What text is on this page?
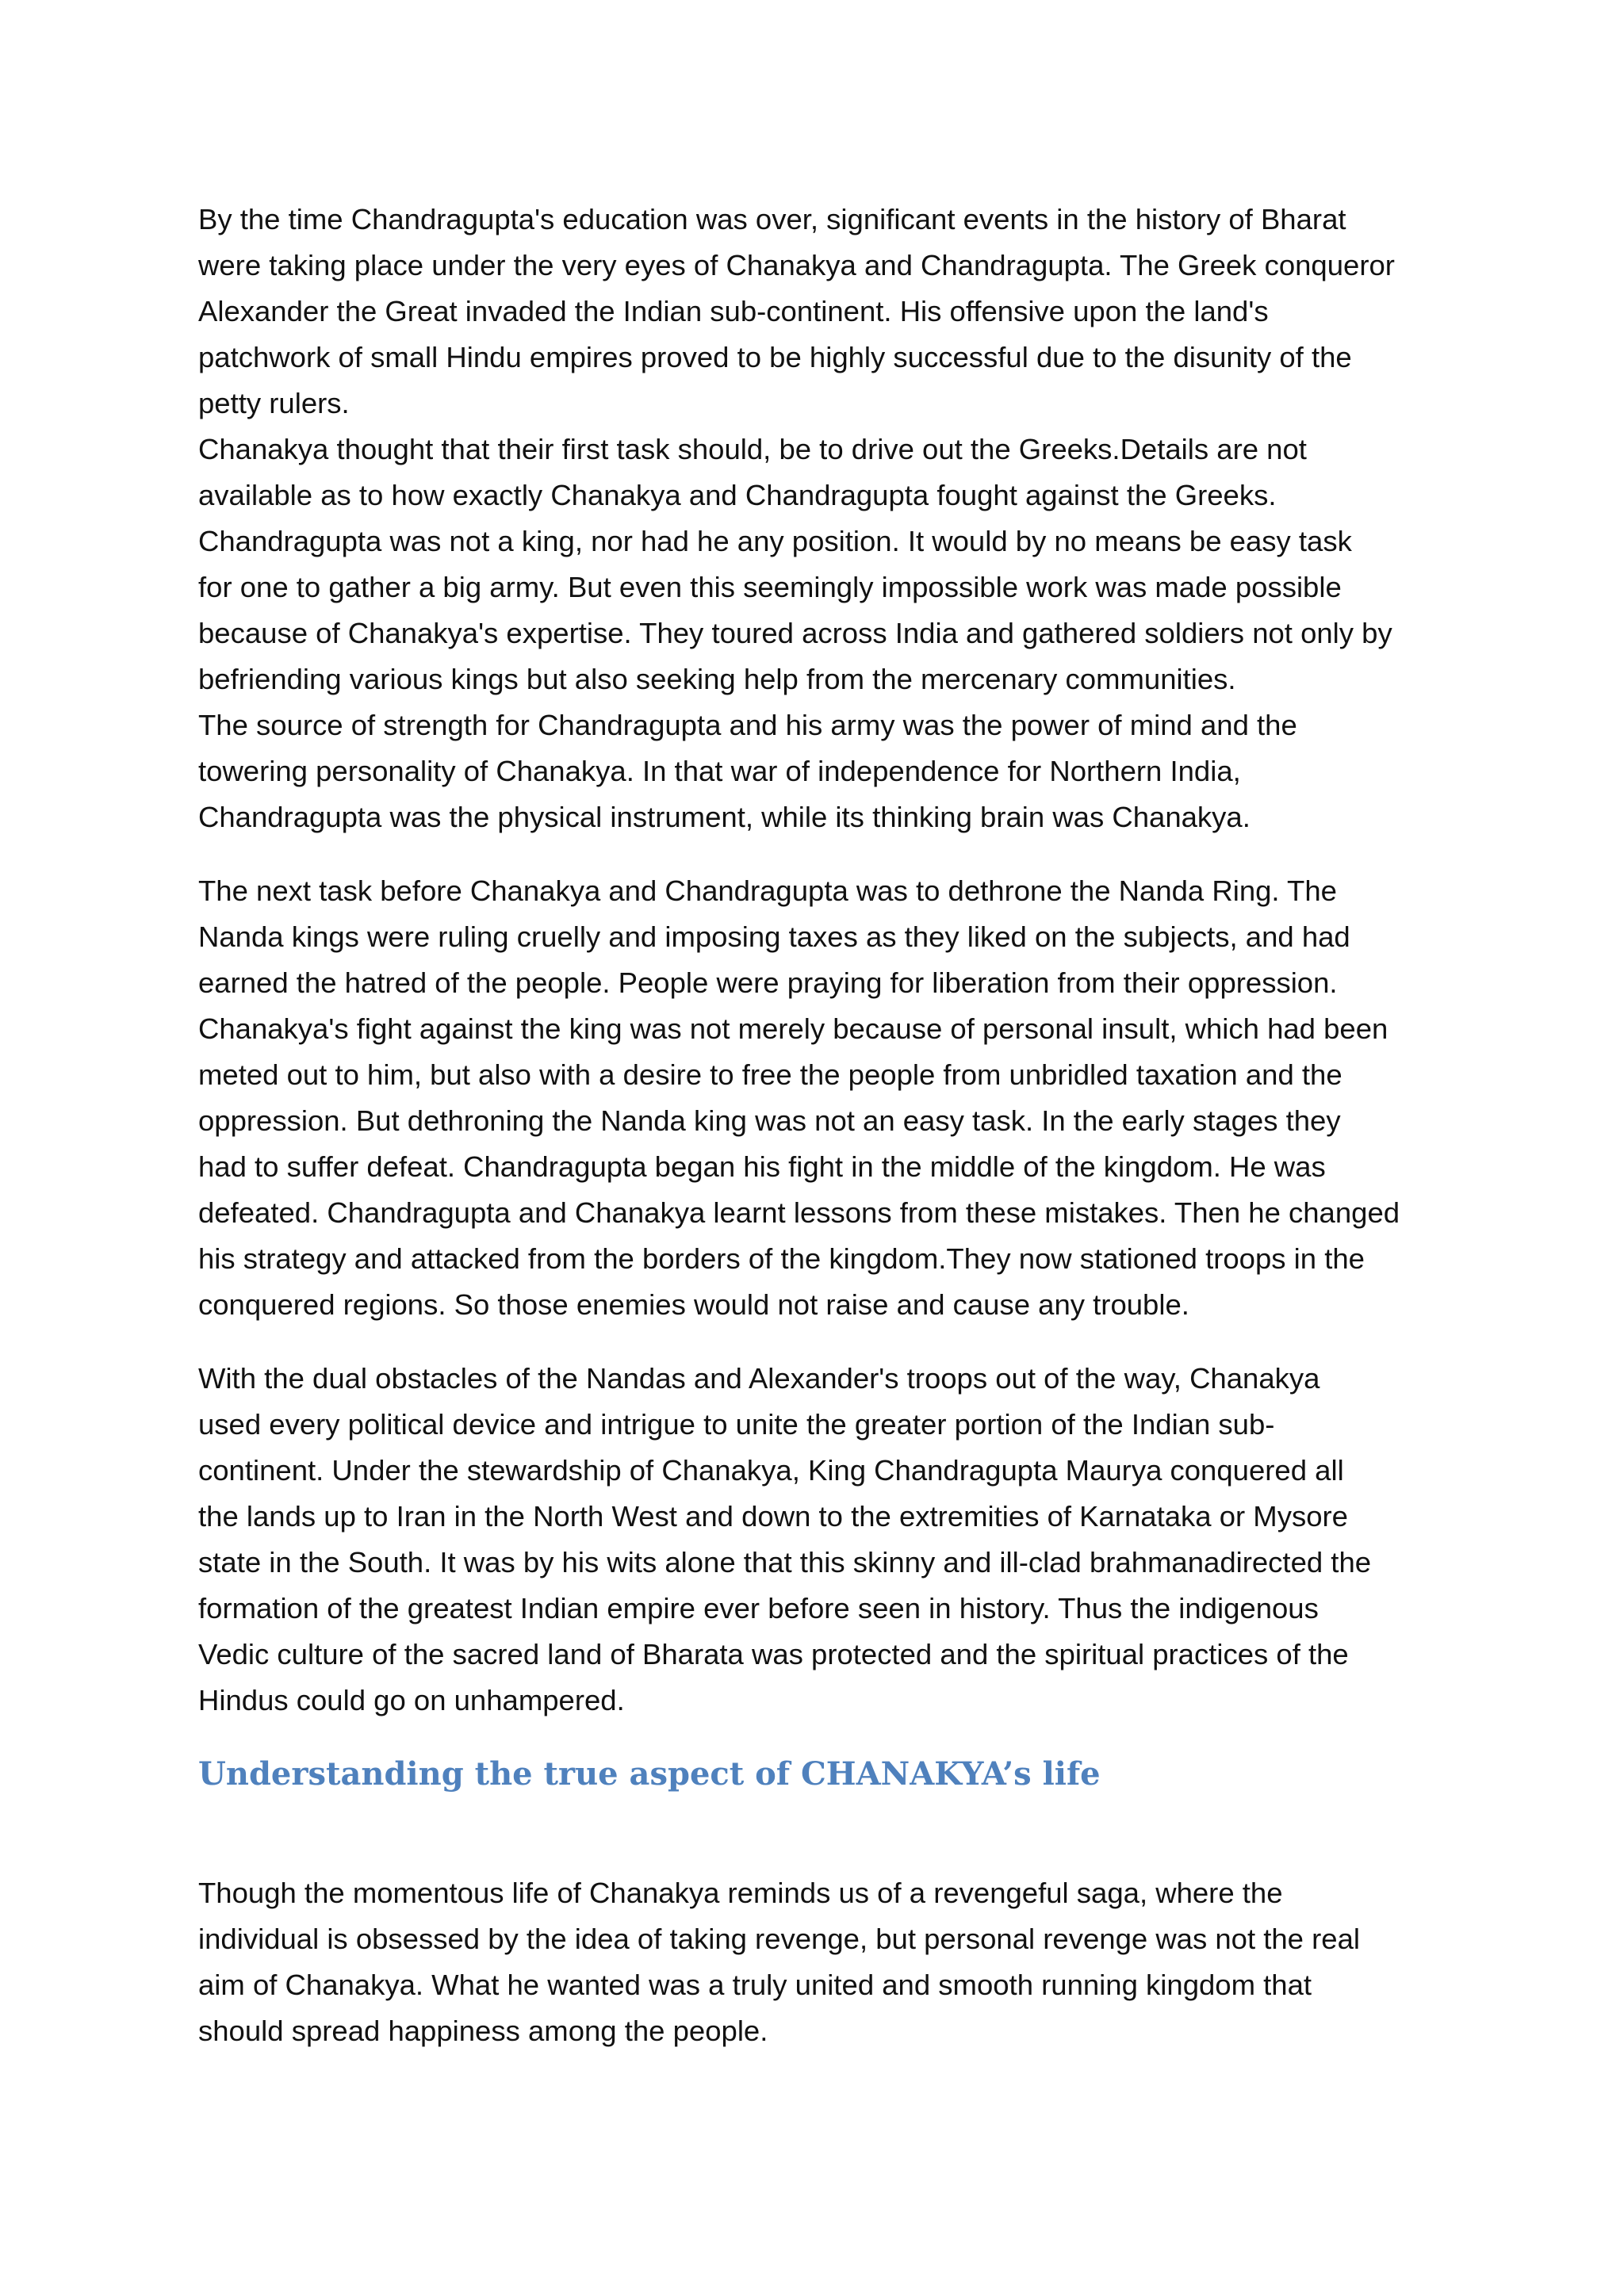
By the time Chandragupta's education was over, significant events in the history of Bharat
were taking place under the very eyes of Chanakya and Chandragupta. The Greek conqueror
Alexander the Great invaded the Indian sub-continent. His offensive upon the land's
patchwork of small Hindu empires proved to be highly successful due to the disunity of the
petty rulers.
Chanakya thought that their first task should, be to drive out the Greeks.Details are not
available as to how exactly Chanakya and Chandragupta fought against the Greeks.
Chandragupta was not a king, nor had he any position. It would by no means be easy task
for one to gather a big army. But even this seemingly impossible work was made possible
because of Chanakya's expertise. They toured across India and gathered soldiers not only by
befriending various kings but also seeking help from the mercenary communities.
The source of strength for Chandragupta and his army was the power of mind and the
towering personality of Chanakya. In that war of independence for Northern India,
Chandragupta was the physical instrument, while its thinking brain was Chanakya.

The next task before Chanakya and Chandragupta was to dethrone the Nanda Ring. The
Nanda kings were ruling cruelly and imposing taxes as they liked on the subjects, and had
earned the hatred of the people. People were praying for liberation from their oppression.
Chanakya's fight against the king was not merely because of personal insult, which had been
meted out to him, but also with a desire to free the people from unbridled taxation and the
oppression. But dethroning the Nanda king was not an easy task. In the early stages they
had to suffer defeat. Chandragupta began his fight in the middle of the kingdom. He was
defeated. Chandragupta and Chanakya learnt lessons from these mistakes. Then he changed
his strategy and attacked from the borders of the kingdom.They now stationed troops in the
conquered regions. So those enemies would not raise and cause any trouble.

With the dual obstacles of the Nandas and Alexander's troops out of the way, Chanakya
used every political device and intrigue to unite the greater portion of the Indian sub-
continent. Under the stewardship of Chanakya, King Chandragupta Maurya conquered all
the lands up to Iran in the North West and down to the extremities of Karnataka or Mysore
state in the South. It was by his wits alone that this skinny and ill-clad brahmanadirected the
formation of the greatest Indian empire ever before seen in history. Thus the indigenous
Vedic culture of the sacred land of Bharata was protected and the spiritual practices of the
Hindus could go on unhampered.

Understanding the true aspect of CHANAKYA’s life

Though the momentous life of Chanakya reminds us of a revengeful saga, where the
individual is obsessed by the idea of taking revenge, but personal revenge was not the real
aim of Chanakya. What he wanted was a truly united and smooth running kingdom that
should spread happiness among the people.
